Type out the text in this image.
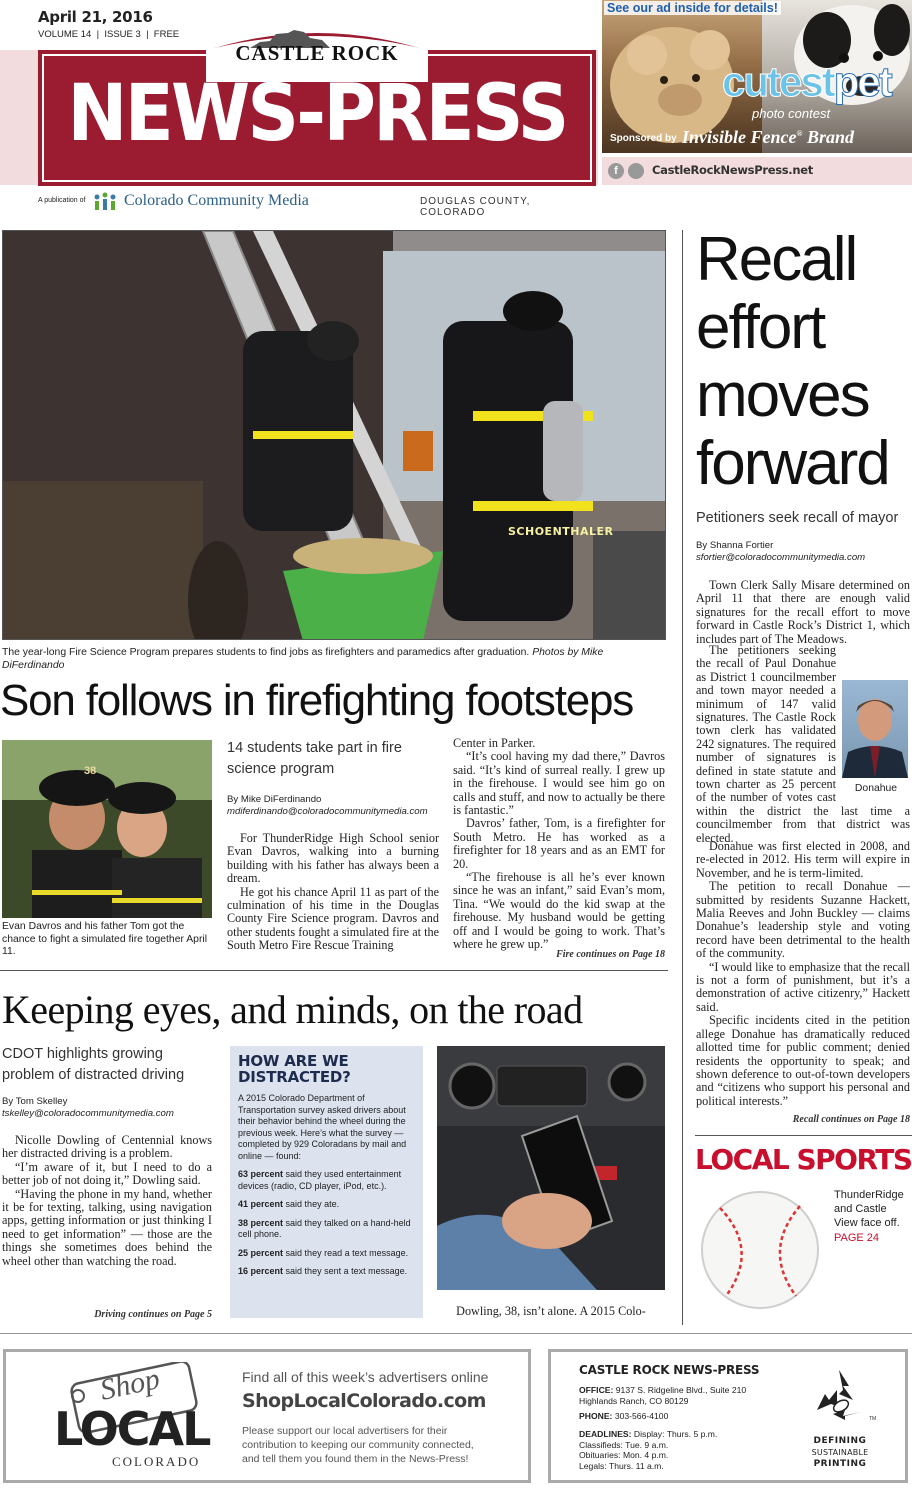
April 21, 2016
VOLUME 14  |  ISSUE 3  |  FREE
CASTLE ROCK
NEWS-PRESS
A publication of Colorado Community Media	DOUGLAS COUNTY, COLORADO
See our ad inside for details!
cutestpet
photo contest
Sponsored by Invisible Fence® Brand
f	CastleRockNewsPress.net
SCHOENTHALER
The year-long Fire Science Program prepares students to find jobs as firefighters and paramedics after graduation. Photos by Mike DiFerdinando
Son follows in firefighting footsteps
38
Evan Davros and his father Tom got the chance to fight a simulated fire together April 11.
14 students take part in fire science program
By Mike DiFerdinando
mdiferdinando@coloradocommunitymedia.com

For ThunderRidge High School senior Evan Davros, walking into a burning building with his father has always been a dream.

He got his chance April 11 as part of the culmination of his time in the Douglas County Fire Science program. Davros and other students fought a simulated fire at the South Metro Fire Rescue Training

Center in Parker.

“It’s cool having my dad there,” Davros said. “It’s kind of surreal really. I grew up in the firehouse. I would see him go on calls and stuff, and now to actually be there is fantastic.”

Davros’ father, Tom, is a firefighter for South Metro. He has worked as a firefighter for 18 years and as an EMT for 20.

“The firehouse is all he’s ever known since he was an infant,” said Evan’s mom, Tina. “We would do the kid swap at the firehouse. My husband would be getting off and I would be going to work. That’s where he grew up.”

Fire continues on Page 18
Keeping eyes, and minds, on the road
CDOT highlights growing problem of distracted driving
By Tom Skelley
tskelley@coloradocommunitymedia.com

Nicolle Dowling of Centennial knows her distracted driving is a problem.

“I’m aware of it, but I need to do a better job of not doing it,” Dowling said.

“Having the phone in my hand, whether it be for texting, talking, using navigation apps, getting information or just thinking I need to get information” — those are the things she sometimes does behind the wheel other than watching the road.

Driving continues on Page 5
HOW ARE WE DISTRACTED?
A 2015 Colorado Department of Transportation survey asked drivers about their behavior behind the wheel during the previous week. Here’s what the survey — completed by 929 Coloradans by mail and online — found:
63 percent said they used entertainment devices (radio, CD player, iPod, etc.).
41 percent said they ate.
38 percent said they talked on a hand-held cell phone.
25 percent said they read a text message.
16 percent said they sent a text message.
Dowling, 38, isn’t alone. A 2015 Colo-
Recall effort moves forward
Petitioners seek recall of mayor
By Shanna Fortier
sfortier@coloradocommunitymedia.com

Town Clerk Sally Misare determined on April 11 that there are enough valid signatures for the recall effort to move forward in Castle Rock’s District 1, which includes part of The Meadows.

Donahue

The petitioners seeking the recall of Paul Donahue as District 1 councilmember and town mayor needed a minimum of 147 valid signatures. The Castle Rock town clerk has validated 242 signatures. The required number of signatures is defined in state statute and town charter as 25 percent of the number of votes cast within the district the last time a councilmember from that district was elected.

Donahue was first elected in 2008, and re-elected in 2012. His term will expire in November, and he is term-limited.

The petition to recall Donahue — submitted by residents Suzanne Hackett, Malia Reeves and John Buckley — claims Donahue’s leadership style and voting record have been detrimental to the health of the community.

“I would like to emphasize that the recall is not a form of punishment, but it’s a demonstration of active citizenry,” Hackett said.

Specific incidents cited in the petition allege Donahue has dramatically reduced allotted time for public comment; denied residents the opportunity to speak; and shown deference to out-of-town developers and “citizens who support his personal and political interests.”

Recall continues on Page 18
LOCAL SPORTS
ThunderRidge and Castle View face off.
PAGE 24
Shop
LOCAL
COLORADO
Find all of this week’s advertisers online
ShopLocalColorado.com
Please support our local advertisers for their contribution to keeping our community connected, and tell them you found them in the News-Press!
CASTLE ROCK NEWS-PRESS
OFFICE: 9137 S. Ridgeline Blvd., Suite 210 Highlands Ranch, CO 80129
PHONE: 303-566-4100
DEADLINES: Display: Thurs. 5 p.m.
Classifieds: Tue. 9 a.m.
Obituaries: Mon. 4 p.m.
Legals: Thurs. 11 a.m.
TM
DEFINING
SUSTAINABLE
PRINTING
